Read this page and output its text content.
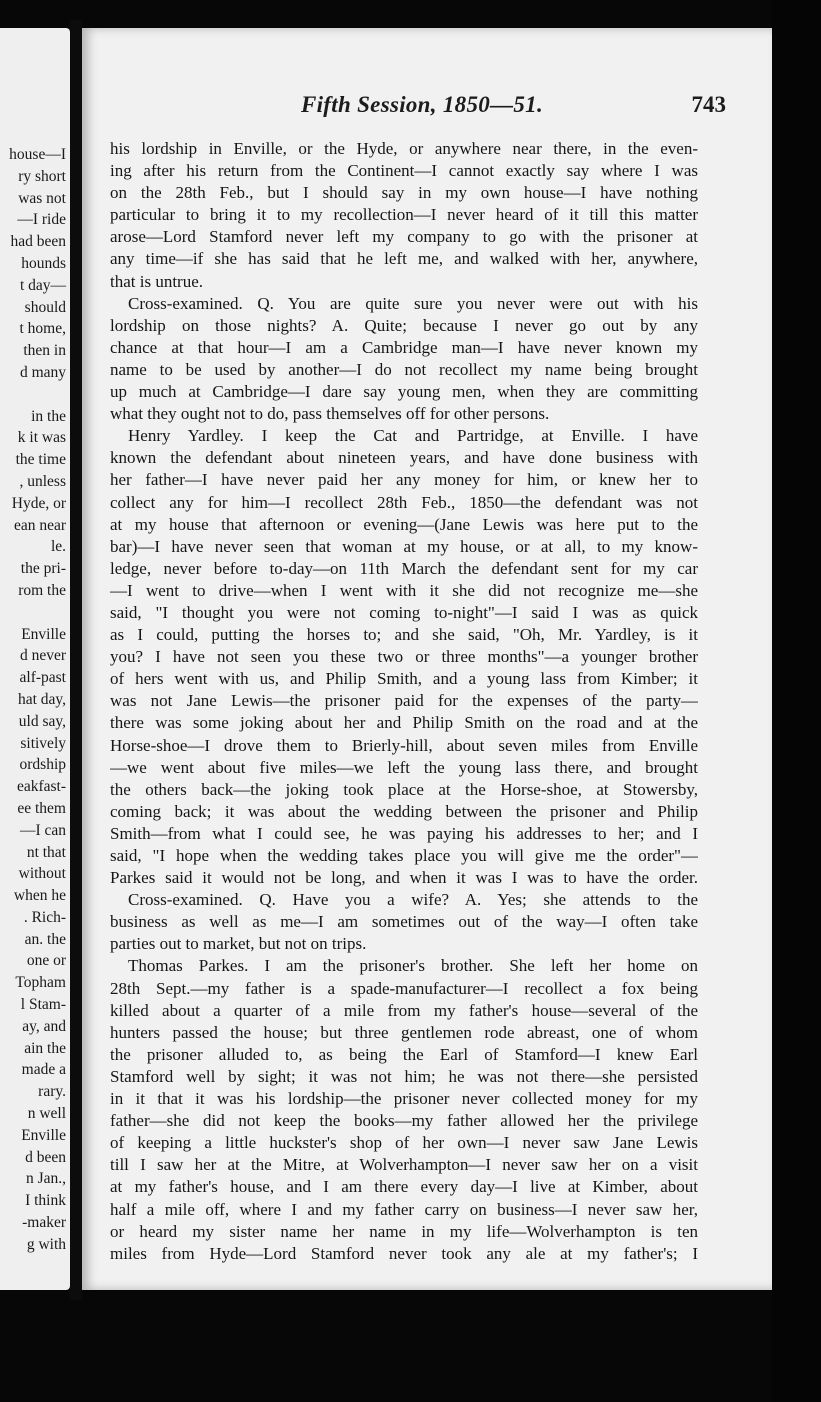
house—I
ry short
was not
—I ride
had been
hounds
t day—
should
t home,
then in
d many
in the
k it was
the time
, unless
Hyde, or
ean near
le.
the pri-
rom the
Enville
d never
alf-past
hat day,
uld say,
sitively
ordship
eakfast-
ee them
—I can
nt that
without
when he
. Rich-
an. the
one or
Topham
l Stam-
ay, and
ain the
made a
rary.
n well
Enville
d been
n Jan.,
I think
-maker
g with
Fifth Session, 1850—51.	743
his lordship in Enville, or the Hyde, or anywhere near there, in the even-
ing after his return from the Continent—I cannot exactly say where I was
on the 28th Feb., but I should say in my own house—I have nothing
particular to bring it to my recollection—I never heard of it till this matter
arose—Lord Stamford never left my company to go with the prisoner at
any time—if she has said that he left me, and walked with her, anywhere,
that is untrue.
Cross-examined. Q. You are quite sure you never were out with his
lordship on those nights? A. Quite; because I never go out by any
chance at that hour—I am a Cambridge man—I have never known my
name to be used by another—I do not recollect my name being brought
up much at Cambridge—I dare say young men, when they are committing
what they ought not to do, pass themselves off for other persons.
Henry Yardley. I keep the Cat and Partridge, at Enville. I have
known the defendant about nineteen years, and have done business with
her father—I have never paid her any money for him, or knew her to
collect any for him—I recollect 28th Feb., 1850—the defendant was not
at my house that afternoon or evening—(Jane Lewis was here put to the
bar)—I have never seen that woman at my house, or at all, to my know-
ledge, never before to-day—on 11th March the defendant sent for my car
—I went to drive—when I went with it she did not recognize me—she
said, "I thought you were not coming to-night"—I said I was as quick
as I could, putting the horses to; and she said, "Oh, Mr. Yardley, is it
you? I have not seen you these two or three months"—a younger brother
of hers went with us, and Philip Smith, and a young lass from Kimber; it
was not Jane Lewis—the prisoner paid for the expenses of the party—
there was some joking about her and Philip Smith on the road and at the
Horse-shoe—I drove them to Brierly-hill, about seven miles from Enville
—we went about five miles—we left the young lass there, and brought
the others back—the joking took place at the Horse-shoe, at Stowersby,
coming back; it was about the wedding between the prisoner and Philip
Smith—from what I could see, he was paying his addresses to her; and I
said, "I hope when the wedding takes place you will give me the order"—
Parkes said it would not be long, and when it was I was to have the order.
Cross-examined. Q. Have you a wife? A. Yes; she attends to the
business as well as me—I am sometimes out of the way—I often take
parties out to market, but not on trips.
Thomas Parkes. I am the prisoner's brother. She left her home on
28th Sept.—my father is a spade-manufacturer—I recollect a fox being
killed about a quarter of a mile from my father's house—several of the
hunters passed the house; but three gentlemen rode abreast, one of whom
the prisoner alluded to, as being the Earl of Stamford—I knew Earl
Stamford well by sight; it was not him; he was not there—she persisted
in it that it was his lordship—the prisoner never collected money for my
father—she did not keep the books—my father allowed her the privilege
of keeping a little huckster's shop of her own—I never saw Jane Lewis
till I saw her at the Mitre, at Wolverhampton—I never saw her on a visit
at my father's house, and I am there every day—I live at Kimber, about
half a mile off, where I and my father carry on business—I never saw her,
or heard my sister name her name in my life—Wolverhampton is ten
miles from Hyde—Lord Stamford never took any ale at my father's; I
